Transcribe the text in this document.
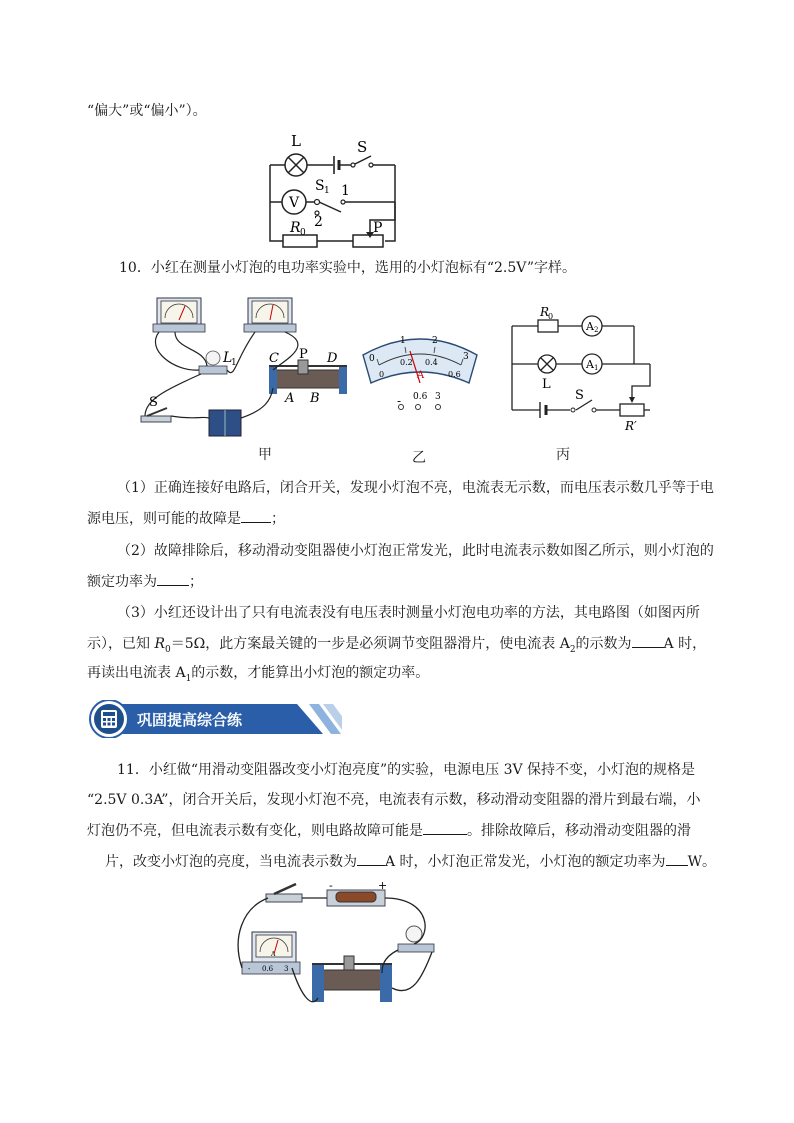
“偏大”或“偏小”）。
L	S
S 1 1
2
V
R 0	P
10．小红在测量小灯泡的电功率实验中，选用的小灯泡标有“2.5V”字样。
L
1 C P D
A B
S
0
1	2
3
0
0.2 0.4
0.6
A
- 0.6 3
R
0
A 2
A 1
L
S
R′
甲	乙	丙
（1）正确连接好电路后，闭合开关，发现小灯泡不亮，电流表无示数，而电压表示数几乎等于电
源电压，则可能的故障是 ；
（2）故障排除后，移动滑动变阻器使小灯泡正常发光，此时电流表示数如图乙所示，则小灯泡的
额定功率为 ；
（3）小红还设计出了只有电流表没有电压表时测量小灯泡电功率的方法，其电路图（如图丙所
示），已知 $R_0=5\Omega$，此方案最关键的一步是必须调节变阻器滑片，使电流表 $A_2$的示数为 A 时，
再读出电流表 $A_1$的示数，才能算出小灯泡的额定功率。
巩固提高综合练
11．小红做“用滑动变阻器改变小灯泡亮度”的实验，电源电压 3V 保持不变，小灯泡的规格是
“2.5V 0.3A”，闭合开关后，发现小灯泡不亮，电流表有示数，移动滑动变阻器的滑片到最右端，小
灯泡仍不亮，但电流表示数有变化，则电路故障可能是	。排除故障后，移动滑动变阻器的滑
片，改变小灯泡的亮度，当电流表示数为 A 时，小灯泡正常发光，小灯泡的额定功率为 W。
-	+
A
- 0.6 3
